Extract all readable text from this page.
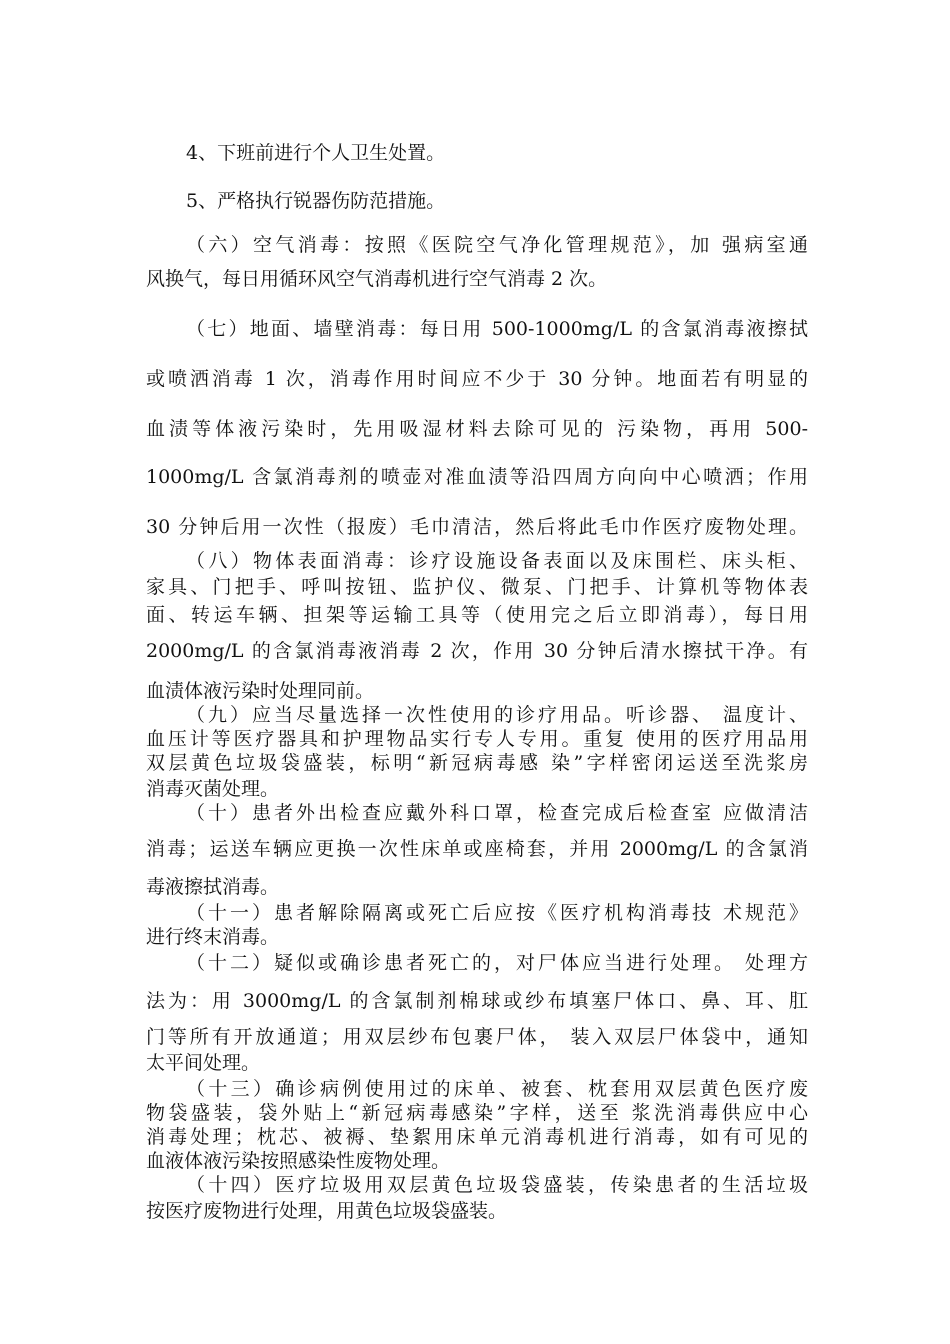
4、下班前进行个人卫生处置。
5、严格执行锐器伤防范措施。
（六）空气消毒：按照《医院空气净化管理规范》，加 强病室通
风换气，每日用循环风空气消毒机进行空气消毒 2 次。
（七）地面、墙壁消毒：每日用 500-1000mg/L 的含氯消毒液擦拭
或喷洒消毒 1 次，消毒作用时间应不少于 30 分钟。地面若有明显的
血渍等体液污染时，先用吸湿材料去除可见的 污染物，再用 500-
1000mg/L 含氯消毒剂的喷壶对准血渍等沿四周方向向中心喷洒；作用
30 分钟后用一次性（报废）毛巾清洁，然后将此毛巾作医疗废物处理。
（八）物体表面消毒：诊疗设施设备表面以及床围栏、床头柜、
家具、门把手、呼叫按钮、监护仪、微泵、门把手、计算机等物体表
面、转运车辆、担架等运输工具等（使用完之后立即消毒），每日用
2000mg/L 的含氯消毒液消毒 2 次，作用 30 分钟后清水擦拭干净。有
血渍体液污染时处理同前。
（九）应当尽量选择一次性使用的诊疗用品。听诊器、 温度计、
血压计等医疗器具和护理物品实行专人专用。重复 使用的医疗用品用
双层黄色垃圾袋盛装，标明“新冠病毒感 染”字样密闭运送至洗浆房
消毒灭菌处理。
（十）患者外出检查应戴外科口罩，检查完成后检查室 应做清洁
消毒；运送车辆应更换一次性床单或座椅套，并用 2000mg/L 的含氯消
毒液擦拭消毒。
（十一）患者解除隔离或死亡后应按《医疗机构消毒技 术规范》
进行终末消毒。
（十二）疑似或确诊患者死亡的，对尸体应当进行处理。 处理方
法为：用 3000mg/L 的含氯制剂棉球或纱布填塞尸体口、鼻、耳、肛
门等所有开放通道；用双层纱布包裹尸体， 装入双层尸体袋中，通知
太平间处理。
（十三）确诊病例使用过的床单、被套、枕套用双层黄色医疗废
物袋盛装，袋外贴上“新冠病毒感染”字样，送至 浆洗消毒供应中心
消毒处理；枕芯、被褥、垫絮用床单元消毒机进行消毒，如有可见的
血液体液污染按照感染性废物处理。
（十四）医疗垃圾用双层黄色垃圾袋盛装，传染患者的生活垃圾
按医疗废物进行处理，用黄色垃圾袋盛装。
